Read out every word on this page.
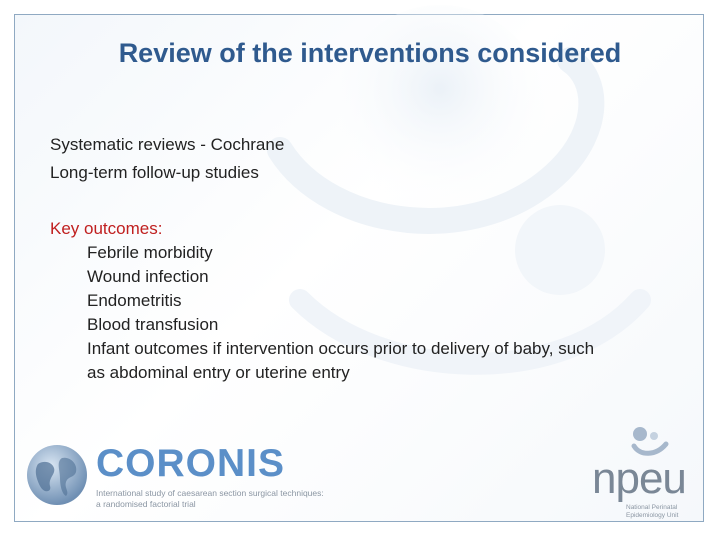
Review of the interventions considered
Systematic reviews - Cochrane
Long-term follow-up studies
Key outcomes:
Febrile morbidity
Wound infection
Endometritis
Blood transfusion
Infant outcomes if intervention occurs prior to delivery of baby, such as abdominal entry or uterine entry
CORONIS
International study of caesarean section surgical techniques: a randomised factorial trial
npeu
National Perinatal Epidemiology Unit
